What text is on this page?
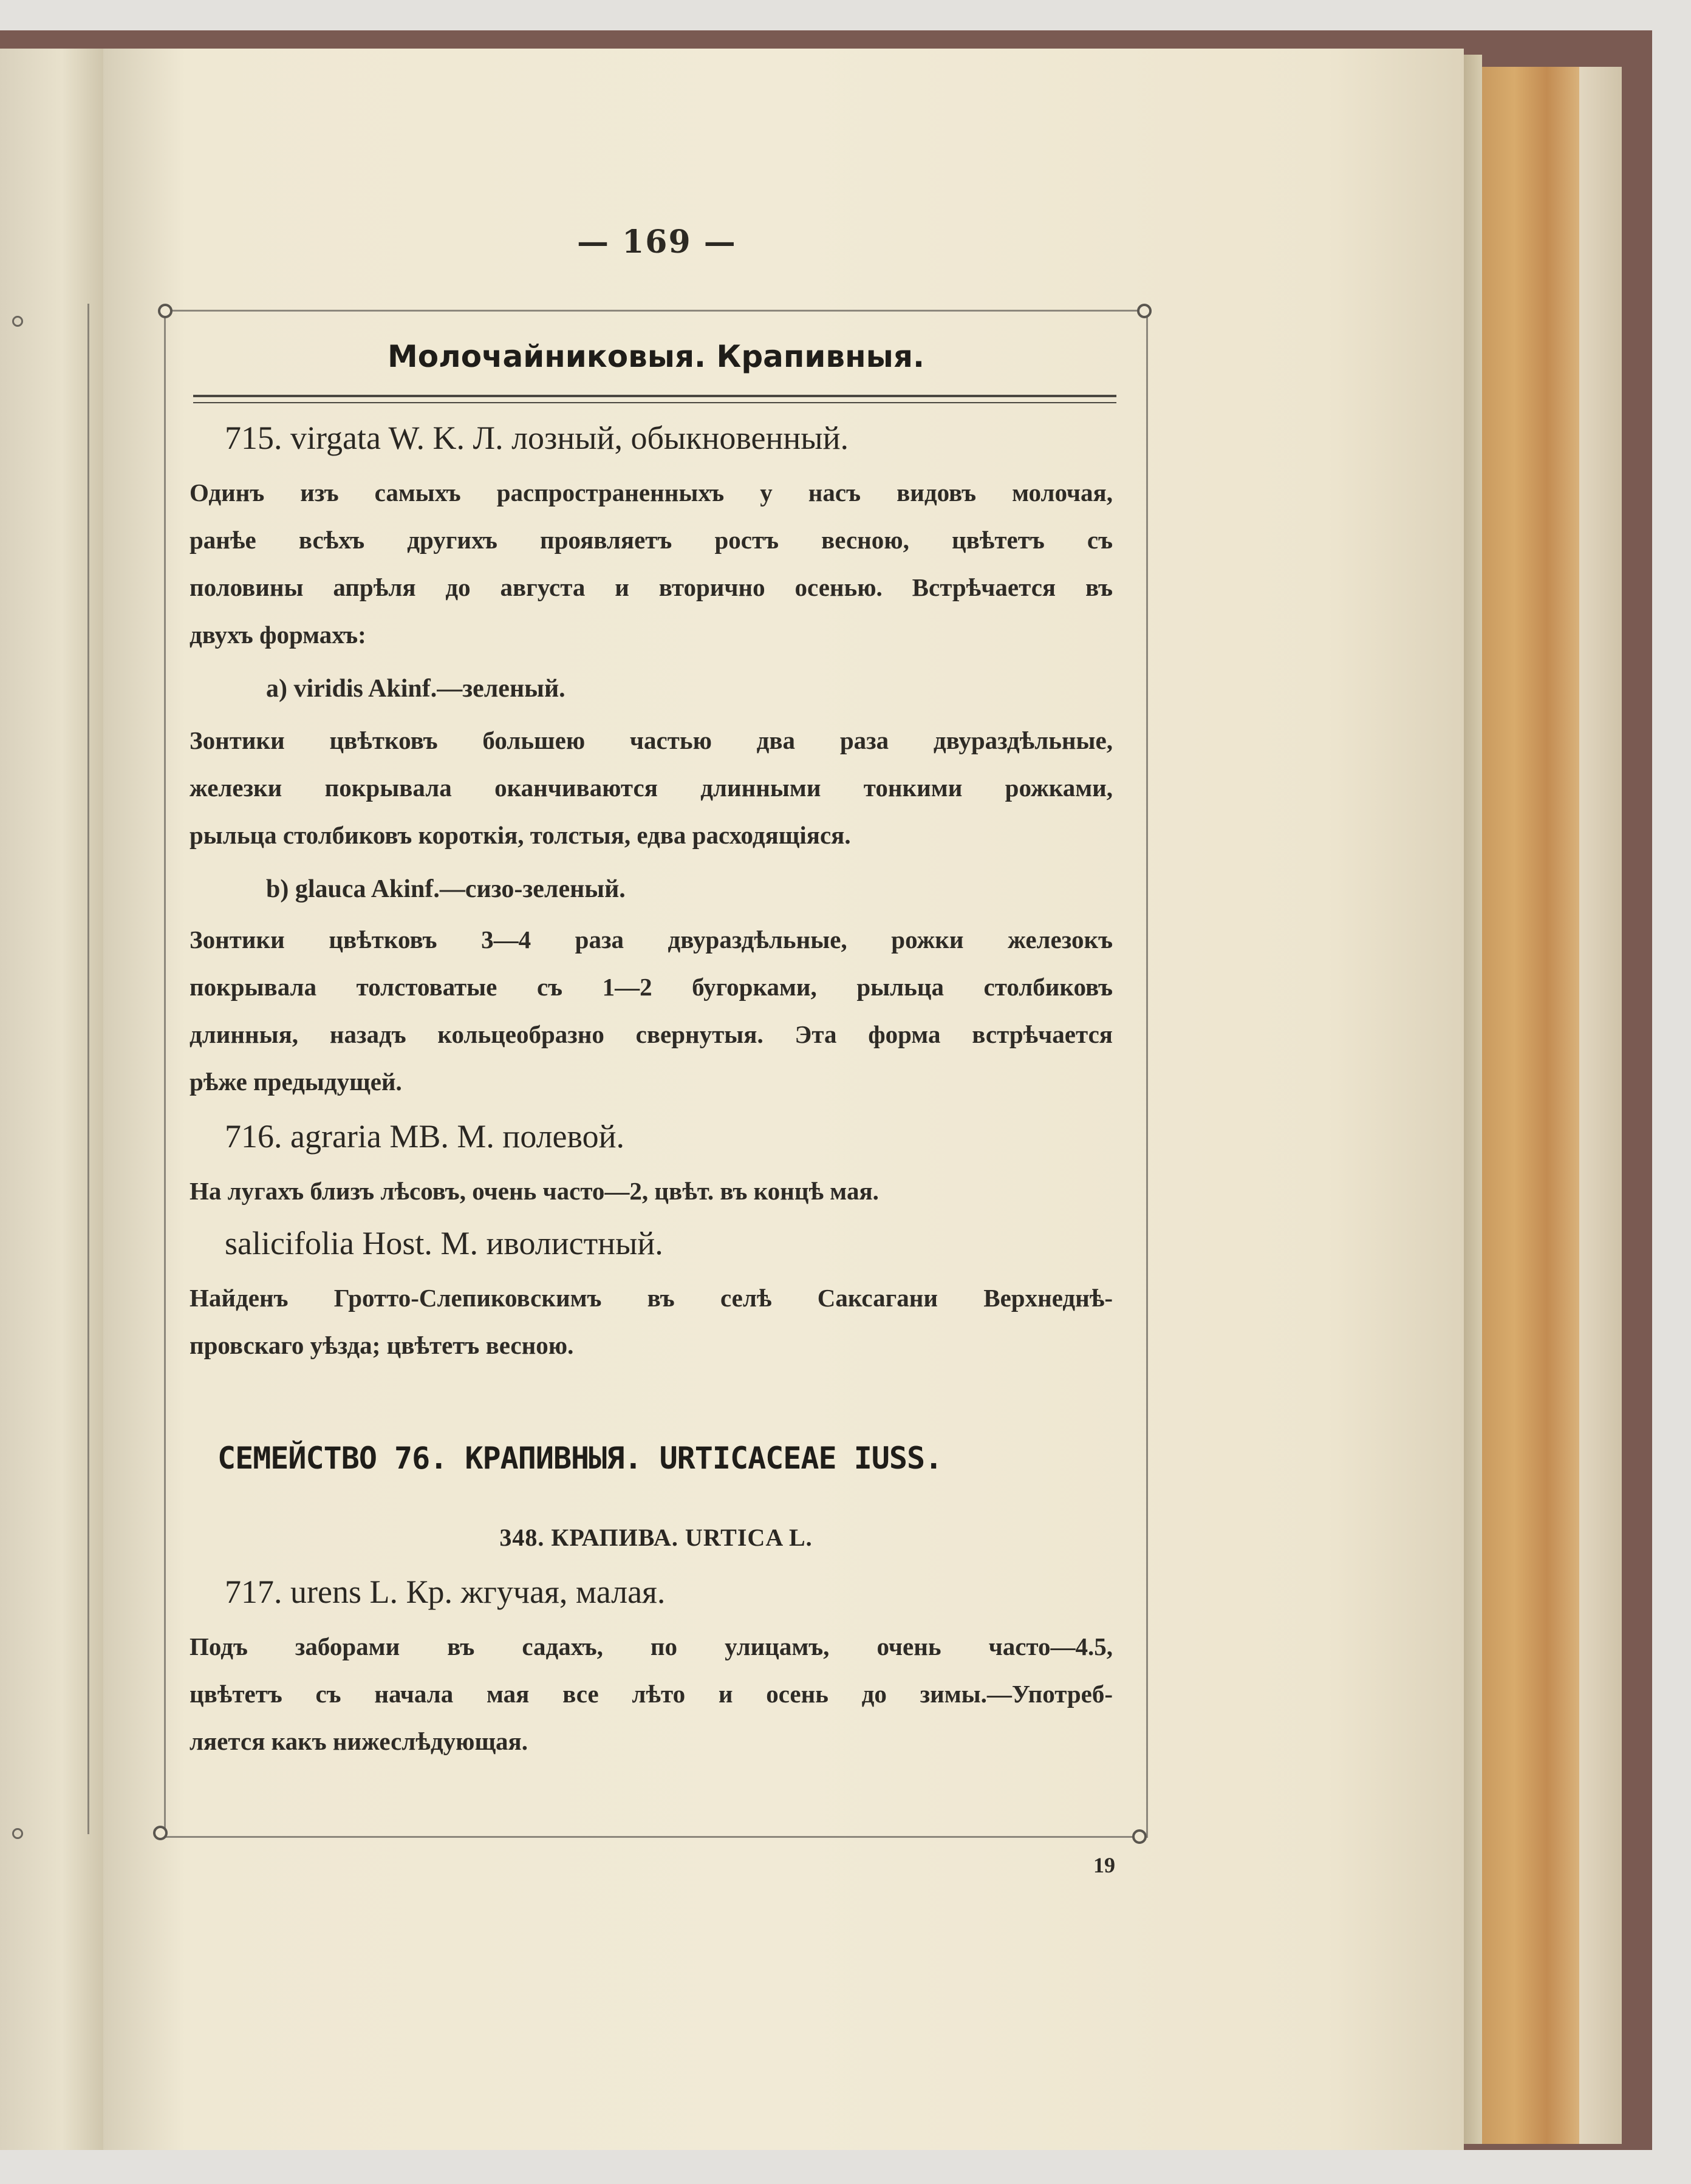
— 169 —
Молочайниковыя. Крапивныя.
715. virgata W. K. Л. лозный, обыкновенный.
Одинъ изъ самыхъ распространенныхъ у насъ видовъ молочая,
ранѣе всѣхъ другихъ проявляетъ ростъ весною, цвѣтетъ съ
половины апрѣля до августа и вторично осенью. Встрѣчается въ
двухъ формахъ:
a) viridis Akinf.—зеленый.
Зонтики цвѣтковъ большею частью два раза двураздѣльные,
железки покрывала оканчиваются длинными тонкими рожками,
рыльца столбиковъ короткія, толстыя, едва расходящіяся.
b) glauca Akinf.—сизо-зеленый.
Зонтики цвѣтковъ 3—4 раза двураздѣльные, рожки железокъ
покрывала толстоватые съ 1—2 бугорками, рыльца столбиковъ
длинныя, назадъ кольцеобразно свернутыя. Эта форма встрѣчается
рѣже предыдущей.
716. agraria MB. M. полевой.
На лугахъ близъ лѣсовъ, очень часто—2, цвѣт. въ концѣ мая.
salicifolia Host. M. иволистный.
Найденъ Гротто-Слепиковскимъ въ селѣ Саксагани Верхнеднѣ-
провскаго уѣзда; цвѣтетъ весною.
СЕМЕЙСТВО 76. КРАПИВНЫЯ. URTICACEAE IUSS.
348. КРАПИВА. URTICA L.
717. urens L. Кр. жгучая, малая.
Подъ заборами въ садахъ, по улицамъ, очень часто—4.5,
цвѣтетъ съ начала мая все лѣто и осень до зимы.—Употреб-
ляется какъ нижеслѣдующая.
19
